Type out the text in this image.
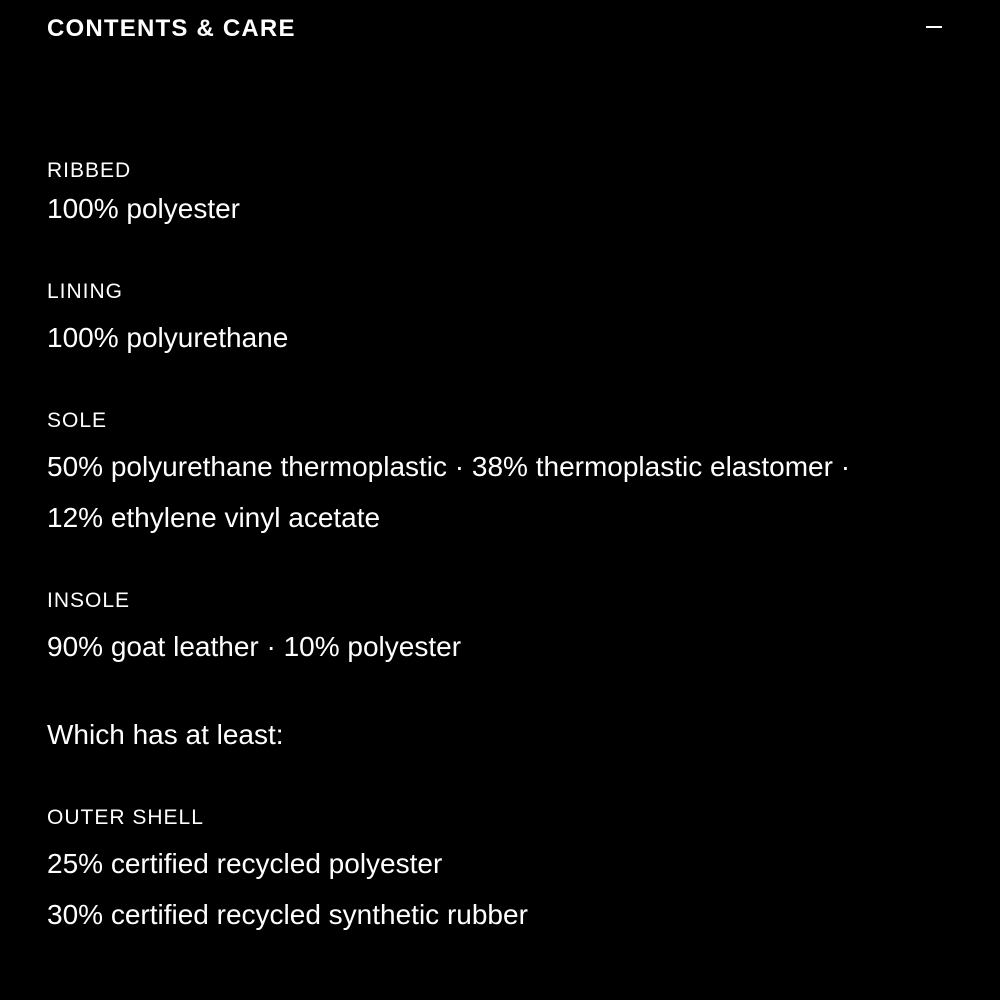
CONTENTS & CARE
RIBBED
100% polyester
LINING
100% polyurethane
SOLE
50% polyurethane thermoplastic · 38% thermoplastic elastomer ·
12% ethylene vinyl acetate
INSOLE
90% goat leather · 10% polyester
Which has at least:
OUTER SHELL
25% certified recycled polyester
30% certified recycled synthetic rubber
